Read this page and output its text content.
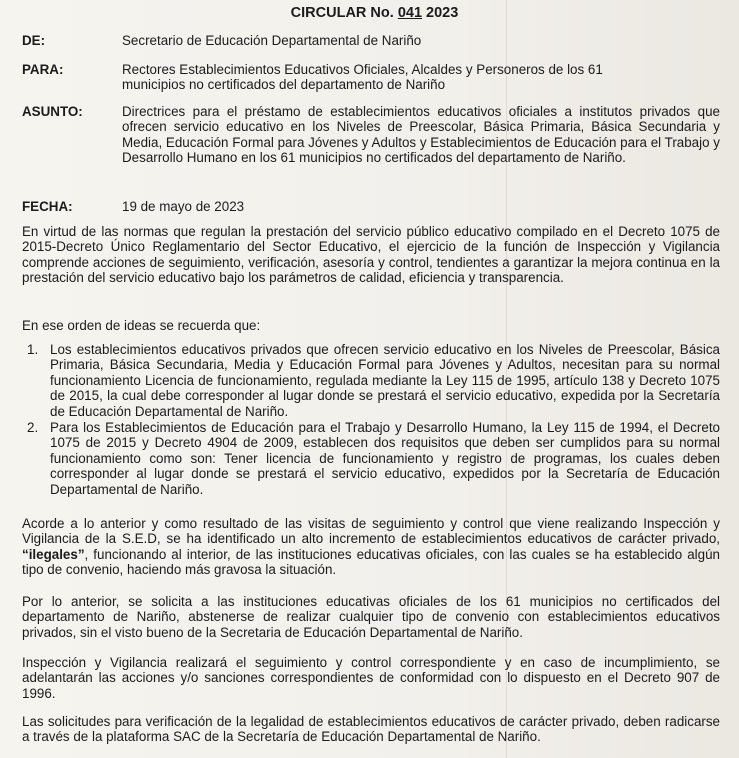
CIRCULAR No. 041 2023
DE:	Secretario de Educación Departamental de Nariño
PARA:	Rectores Establecimientos Educativos Oficiales, Alcaldes y Personeros de los 61 municipios no certificados del departamento de Nariño
ASUNTO:	Directrices para el préstamo de establecimientos educativos oficiales a institutos privados que ofrecen servicio educativo en los Niveles de Preescolar, Básica Primaria, Básica Secundaria y Media, Educación Formal para Jóvenes y Adultos y Establecimientos de Educación para el Trabajo y Desarrollo Humano en los 61 municipios no certificados del departamento de Nariño.
FECHA:	19 de mayo de 2023

En virtud de las normas que regulan la prestación del servicio público educativo compilado en el Decreto 1075 de 2015-Decreto Único Reglamentario del Sector Educativo, el ejercicio de la función de Inspección y Vigilancia comprende acciones de seguimiento, verificación, asesoría y control, tendientes a garantizar la mejora continua en la prestación del servicio educativo bajo los parámetros de calidad, eficiencia y transparencia.

En ese orden de ideas se recuerda que:

1. Los establecimientos educativos privados que ofrecen servicio educativo en los Niveles de Preescolar, Básica Primaria, Básica Secundaria, Media y Educación Formal para Jóvenes y Adultos, necesitan para su normal funcionamiento Licencia de funcionamiento, regulada mediante la Ley 115 de 1995, artículo 138 y Decreto 1075 de 2015, la cual debe corresponder al lugar donde se prestará el servicio educativo, expedida por la Secretaría de Educación Departamental de Nariño.
2. Para los Establecimientos de Educación para el Trabajo y Desarrollo Humano, la Ley 115 de 1994, el Decreto 1075 de 2015 y Decreto 4904 de 2009, establecen dos requisitos que deben ser cumplidos para su normal funcionamiento como son: Tener licencia de funcionamiento y registro de programas, los cuales deben corresponder al lugar donde se prestará el servicio educativo, expedidos por la Secretaría de Educación Departamental de Nariño.

Acorde a lo anterior y como resultado de las visitas de seguimiento y control que viene realizando Inspección y Vigilancia de la S.E.D, se ha identificado un alto incremento de establecimientos educativos de carácter privado, “ilegales”, funcionando al interior, de las instituciones educativas oficiales, con las cuales se ha establecido algún tipo de convenio, haciendo más gravosa la situación.

Por lo anterior, se solicita a las instituciones educativas oficiales de los 61 municipios no certificados del departamento de Nariño, abstenerse de realizar cualquier tipo de convenio con establecimientos educativos privados, sin el visto bueno de la Secretaria de Educación Departamental de Nariño.

Inspección y Vigilancia realizará el seguimiento y control correspondiente y en caso de incumplimiento, se adelantarán las acciones y/o sanciones correspondientes de conformidad con lo dispuesto en el Decreto 907 de 1996.

Las solicitudes para verificación de la legalidad de establecimientos educativos de carácter privado, deben radicarse a través de la plataforma SAC de la Secretaría de Educación Departamental de Nariño.
